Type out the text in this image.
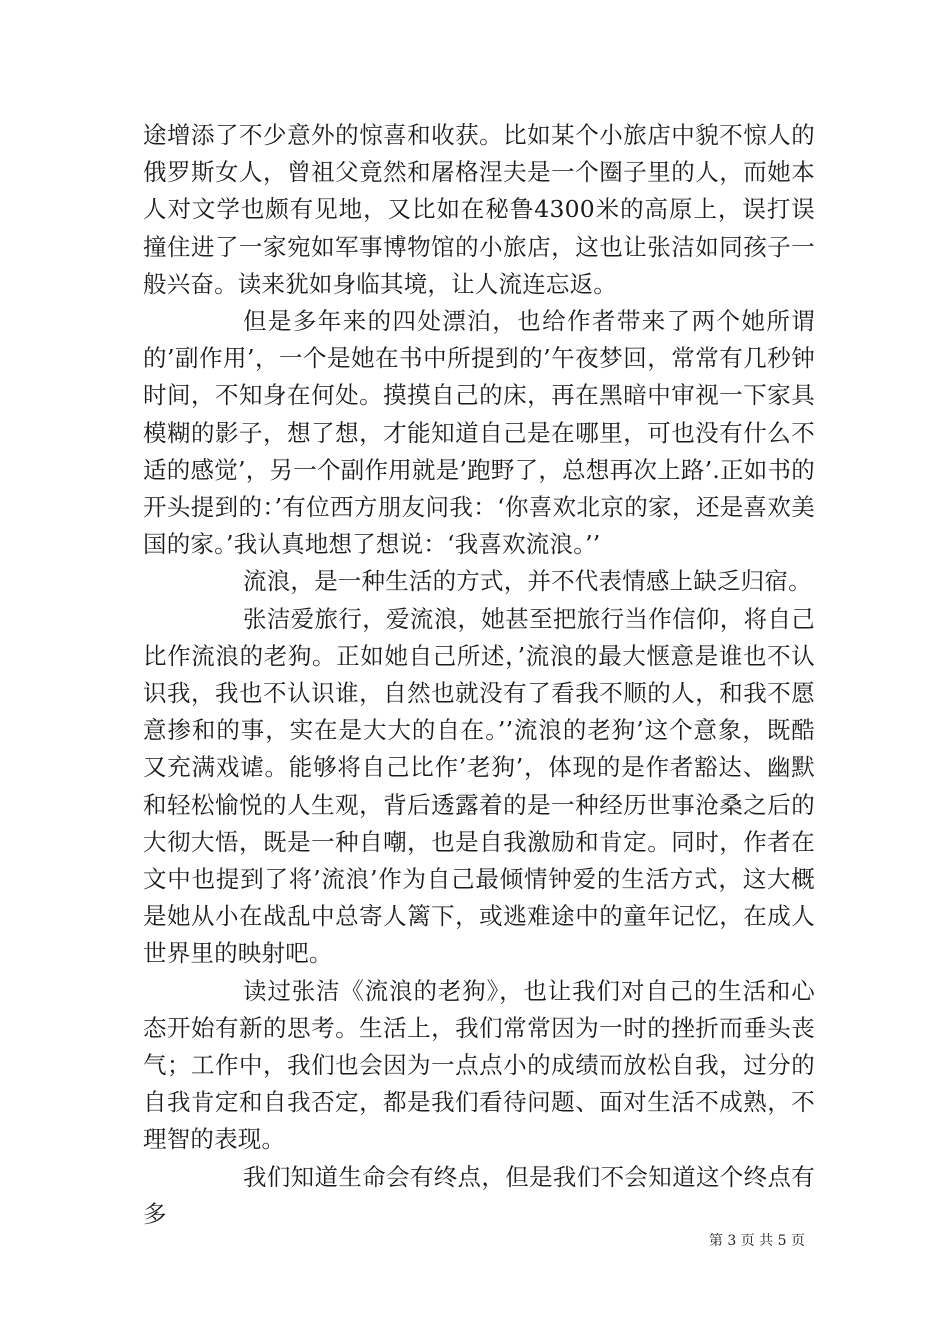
途增添了不少意外的惊喜和收获。比如某个小旅店中貌不惊人的俄罗斯女人，曾祖父竟然和屠格涅夫是一个圈子里的人，而她本人对文学也颇有见地，又比如在秘鲁4300米的高原上，误打误撞住进了一家宛如军事博物馆的小旅店，这也让张洁如同孩子一般兴奋。读来犹如身临其境，让人流连忘返。

但是多年来的四处漂泊，也给作者带来了两个她所谓的’副作用’，一个是她在书中所提到的’午夜梦回，常常有几秒钟时间，不知身在何处。摸摸自己的床，再在黑暗中审视一下家具模糊的影子，想了想，才能知道自己是在哪里，可也没有什么不适的感觉’，另一个副作用就是’跑野了，总想再次上路’.正如书的开头提到的：’有位西方朋友问我：‘你喜欢北京的家，还是喜欢美国的家。’我认真地想了想说：‘我喜欢流浪。’’

流浪，是一种生活的方式，并不代表情感上缺乏归宿。

张洁爱旅行，爱流浪，她甚至把旅行当作信仰，将自己比作流浪的老狗。正如她自己所述，’流浪的最大惬意是谁也不认识我，我也不认识谁，自然也就没有了看我不顺的人，和我不愿意掺和的事，实在是大大的自在。’’流浪的老狗’这个意象，既酷又充满戏谑。能够将自己比作’老狗’，体现的是作者豁达、幽默和轻松愉悦的人生观，背后透露着的是一种经历世事沧桑之后的大彻大悟，既是一种自嘲，也是自我激励和肯定。同时，作者在文中也提到了将’流浪’作为自己最倾情钟爱的生活方式，这大概是她从小在战乱中总寄人篱下，或逃难途中的童年记忆，在成人世界里的映射吧。

读过张洁《流浪的老狗》，也让我们对自己的生活和心态开始有新的思考。生活上，我们常常因为一时的挫折而垂头丧气；工作中，我们也会因为一点点小的成绩而放松自我，过分的自我肯定和自我否定，都是我们看待问题、面对生活不成熟，不理智的表现。

我们知道生命会有终点，但是我们不会知道这个终点有多

第 3 页 共 5 页
